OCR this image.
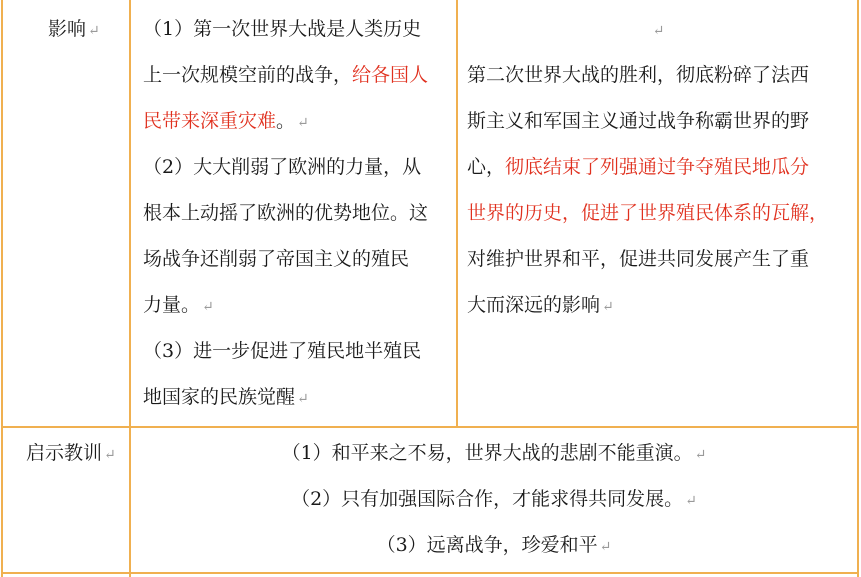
影响 ↵ （1）第一次世界大战是人类历史
上一次规模空前的战争，给各国人
民带来深重灾难。 ↵
（2）大大削弱了欧洲的力量，从
根本上动摇了欧洲的优势地位。这
场战争还削弱了帝国主义的殖民
力量。 ↵
（3）进一步促进了殖民地半殖民
地国家的民族觉醒 ↵
↵
第二次世界大战的胜利，彻底粉碎了法西
斯主义和军国主义通过战争称霸世界的野
心，彻底结束了列强通过争夺殖民地瓜分
世界的历史，促进了世界殖民体系的瓦解，
对维护世界和平，促进共同发展产生了重
大而深远的影响 ↵
启示教训 ↵	（1）和平来之不易，世界大战的悲剧不能重演。 ↵
（2）只有加强国际合作，才能求得共同发展。 ↵
（3）远离战争，珍爱和平 ↵
